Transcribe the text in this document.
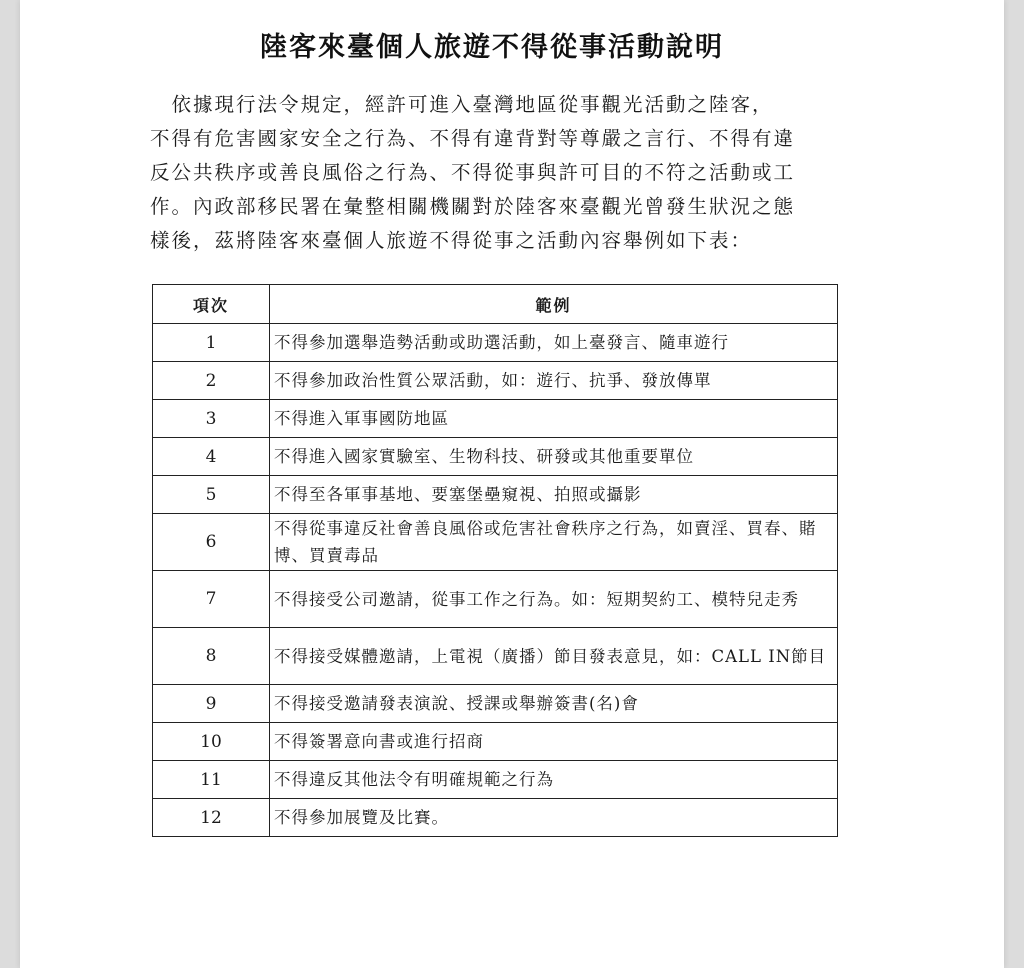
陸客來臺個人旅遊不得從事活動說明

　依據現行法令規定，經許可進入臺灣地區從事觀光活動之陸客，

不得有危害國家安全之行為、不得有違背對等尊嚴之言行、不得有違

反公共秩序或善良風俗之行為、不得從事與許可目的不符之活動或工

作。內政部移民署在彙整相關機關對於陸客來臺觀光曾發生狀況之態

樣後，茲將陸客來臺個人旅遊不得從事之活動內容舉例如下表：

項次	範例
1	不得參加選舉造勢活動或助選活動，如上臺發言、隨車遊行
2	不得參加政治性質公眾活動，如：遊行、抗爭、發放傳單
3	不得進入軍事國防地區
4	不得進入國家實驗室、生物科技、研發或其他重要單位
5	不得至各軍事基地、要塞堡壘窺視、拍照或攝影
6	不得從事違反社會善良風俗或危害社會秩序之行為，如賣淫、買春、賭博、買賣毒品
7	不得接受公司邀請，從事工作之行為。如：短期契約工、模特兒走秀
8	不得接受媒體邀請，上電視（廣播）節目發表意見，如：CALL IN節目
9	不得接受邀請發表演說、授課或舉辦簽書(名)會
10	不得簽署意向書或進行招商
11	不得違反其他法令有明確規範之行為
12	不得參加展覽及比賽。
